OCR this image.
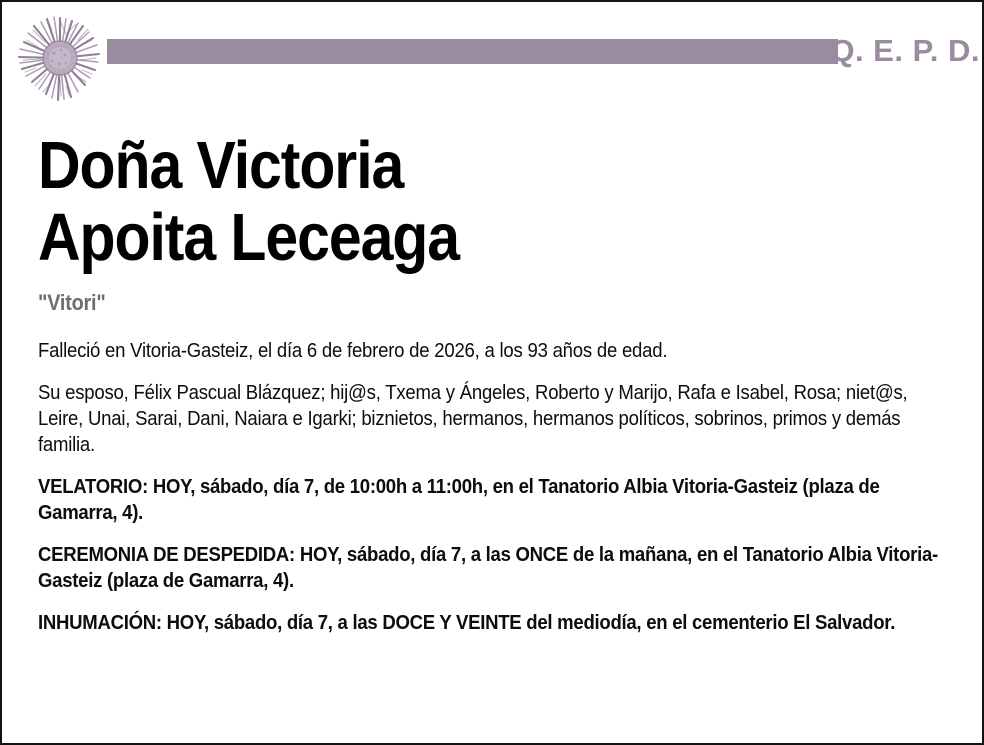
Q. E. P. D.
Doña Victoria
Apoita Leceaga
"Vitori"

Falleció en Vitoria-Gasteiz, el día 6 de febrero de 2026, a los 93 años de edad.

Su esposo, Félix Pascual Blázquez; hij@s, Txema y Ángeles, Roberto y Marijo, Rafa e Isabel, Rosa; niet@s, Leire, Unai, Sarai, Dani, Naiara e Igarki; biznietos, hermanos, hermanos políticos, sobrinos, primos y demás familia.

VELATORIO: HOY, sábado, día 7, de 10:00h a 11:00h, en el Tanatorio Albia Vitoria-Gasteiz (plaza de Gamarra, 4).

CEREMONIA DE DESPEDIDA: HOY, sábado, día 7, a las ONCE de la mañana, en el Tanatorio Albia Vitoria-Gasteiz (plaza de Gamarra, 4).

INHUMACIÓN: HOY, sábado, día 7, a las DOCE Y VEINTE del mediodía, en el cementerio El Salvador.
